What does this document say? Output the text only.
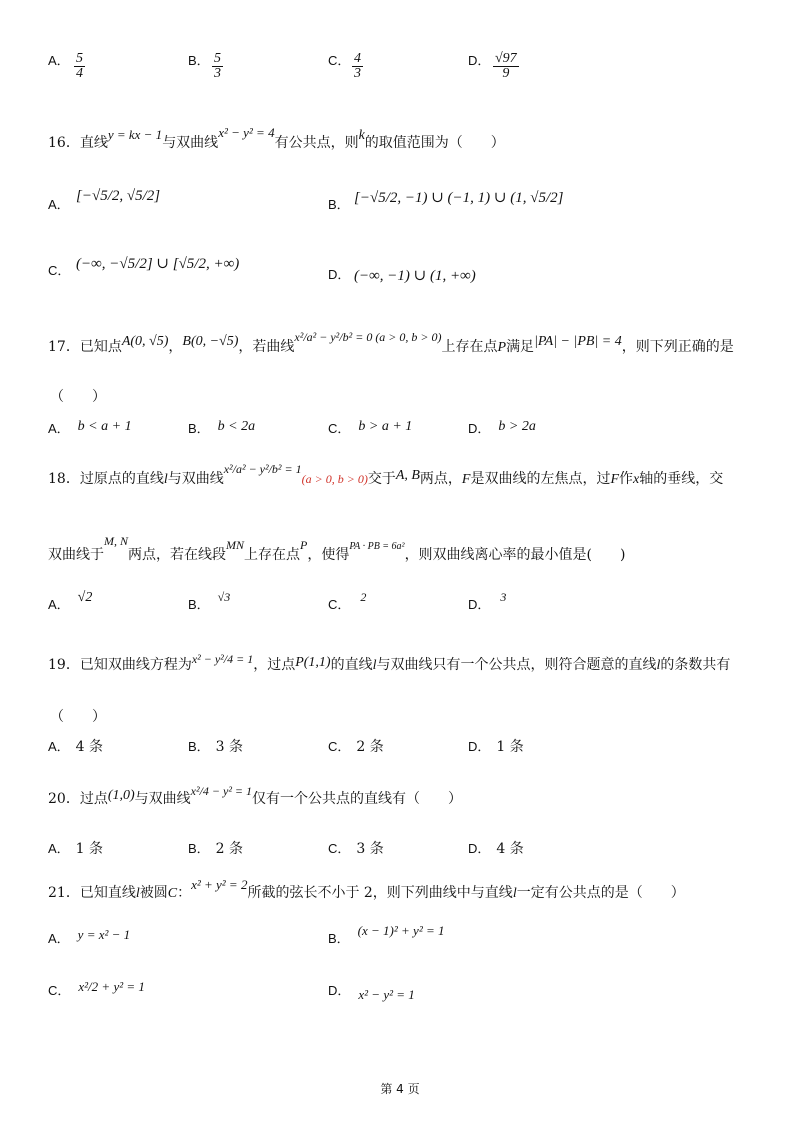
A． $\frac{5}{4}$	B． $\frac{5}{3}$	C． $\frac{4}{3}$	D． $\frac{√97}{9}$
16．直线y = kx − 1与双曲线x² − y² = 4有公共点，则k的取值范围为（　　）
A．
[−√5/2, √5/2]
B． [−√5/2, −1) ∪ (−1, 1) ∪ (1, √5/2]
C． (−∞, −√5/2] ∪ [√5/2, +∞)
D． (−∞, −1) ∪ (1, +∞)
17．已知点A(0, √5)，B(0, −√5)，若曲线x²/a² − y²/b² = 0 (a > 0, b > 0)上存在点P满足|PA| − |PB| = 4，则下列正确的是
（　　）
A． b < a + 1	B． b < 2a	C． b > a + 1	D． b > 2a
18．过原点的直线l与双曲线x²/a² − y²/b² = 1(a > 0, b > 0)交于A, B两点，F是双曲线的左焦点，过F作x轴的垂线，交
双曲线于M, N两点，若在线段MN上存在点P，使得$^{PA \cdot PB = 6a^2}$，则双曲线离心率的最小值是(　　)
A． √2	B． √3	C． 2	D． 3
19．已知双曲线方程为x² − y²/4 = 1，过点P(1,1)的直线l与双曲线只有一个公共点，则符合题意的直线l的条数共有
（　　）
A． 4 条	B． 3 条	C． 2 条	D． 1 条
20．过点(1,0)与双曲线x²/4 − y² = 1仅有一个公共点的直线有（　　）
A． 1 条	B． 2 条	C． 3 条	D． 4 条
21．已知直线l被圆C：x² + y² = 2所截的弦长不小于 2，则下列曲线中与直线l一定有公共点的是（　　）
A． y = x² − 1	B．(x − 1)² + y² = 1
C． x²/2 + y² = 1	D． x² − y² = 1
第 4 页
